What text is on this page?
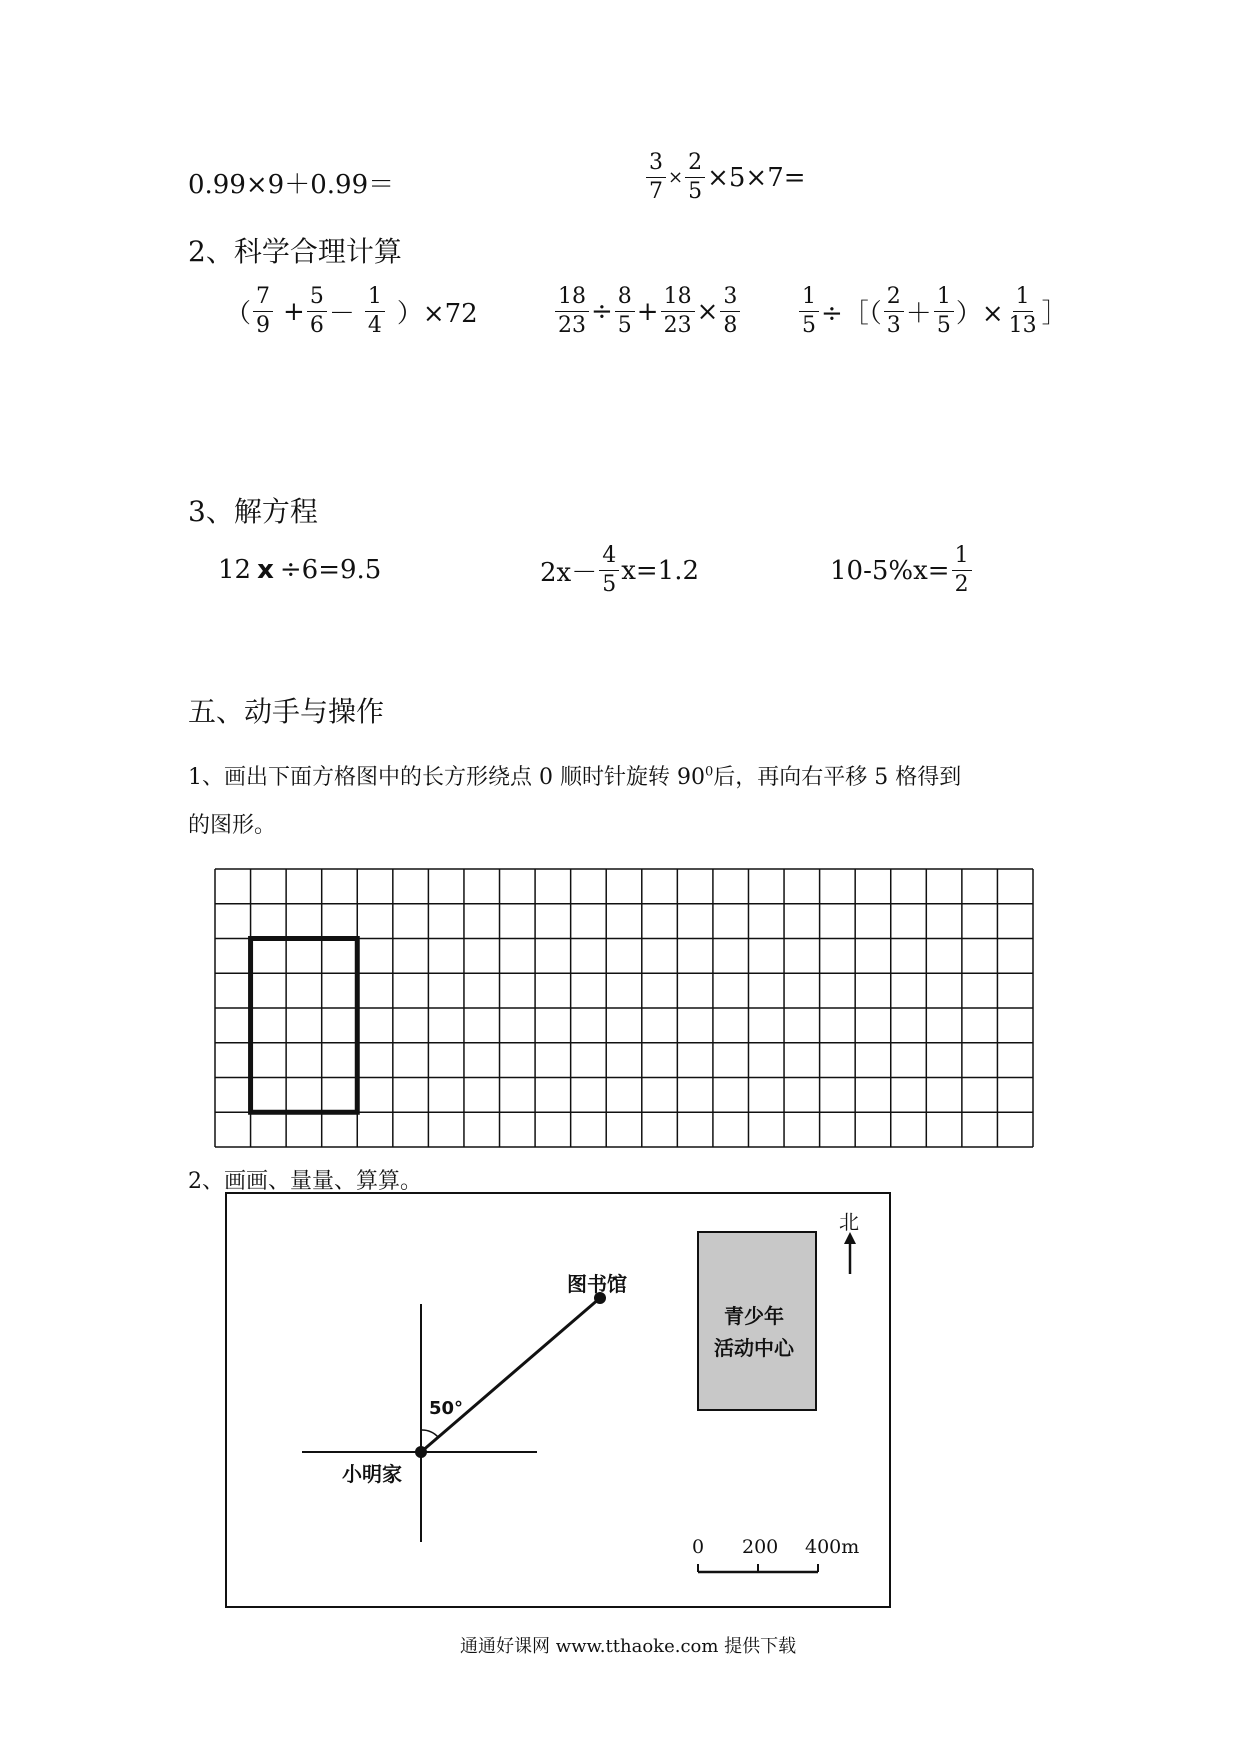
0.99×9＋0.99＝	$\frac{3}{7} \times \frac{2}{5} \times 5\times 7=$
2、科学合理计算
（ $\frac{7}{9} + \frac{5}{6} - \frac{1}{4} )\times 72$	$\frac{18}{23} \div \frac{8}{5} + \frac{18}{23} \times \frac{3}{8}$	$\frac{1}{5}$ ÷［（ $\frac{2}{3} + \frac{1}{5}$ ）× $\frac{1}{13}$ ］
3、解方程
12 x ÷6=9.5	$2x- \frac{4}{5} x=1.2$	$10-5\%x= \frac{1}{2}$
五、动手与操作
1、画出下面方格图中的长方形绕点 0 顺时针旋转 $90^0$后，再向右平移 5 格得到
的图形。
2、画画、量量、算算。
图书馆
青少年
活动中心
50°
小明家
北
0 200 400m
通通好课网 www.tthaoke.com 提供下载
